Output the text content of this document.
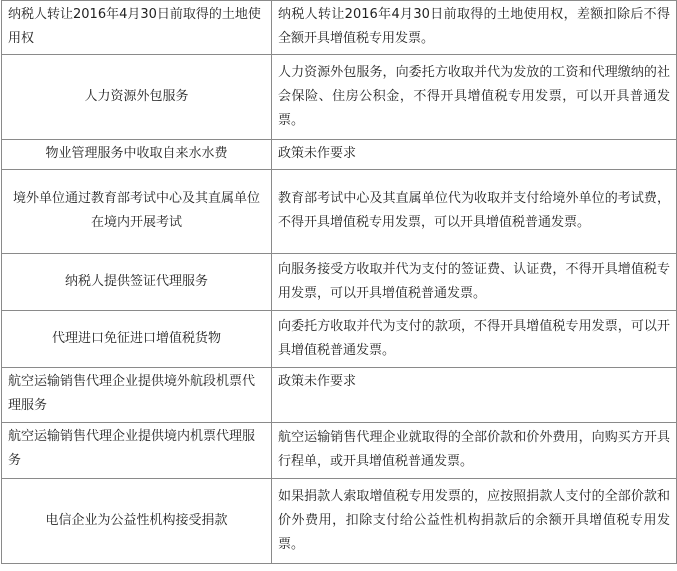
纳税人转让2016年4月30日前取得的土地使用权	纳税人转让2016年4月30日前取得的土地使用权，差额扣除后不得全额开具增值税专用发票。
人力资源外包服务	人力资源外包服务，向委托方收取并代为发放的工资和代理缴纳的社会保险、住房公积金，不得开具增值税专用发票，可以开具普通发票。
物业管理服务中收取自来水水费	政策未作要求
境外单位通过教育部考试中心及其直属单位在境内开展考试	教育部考试中心及其直属单位代为收取并支付给境外单位的考试费，不得开具增值税专用发票，可以开具增值税普通发票。
纳税人提供签证代理服务	向服务接受方收取并代为支付的签证费、认证费，不得开具增值税专用发票，可以开具增值税普通发票。
代理进口免征进口增值税货物	向委托方收取并代为支付的款项，不得开具增值税专用发票，可以开具增值税普通发票。
航空运输销售代理企业提供境外航段机票代理服务	政策未作要求
航空运输销售代理企业提供境内机票代理服务	航空运输销售代理企业就取得的全部价款和价外费用，向购买方开具行程单，或开具增值税普通发票。
电信企业为公益性机构接受捐款	如果捐款人索取增值税专用发票的，应按照捐款人支付的全部价款和价外费用，扣除支付给公益性机构捐款后的余额开具增值税专用发票。
